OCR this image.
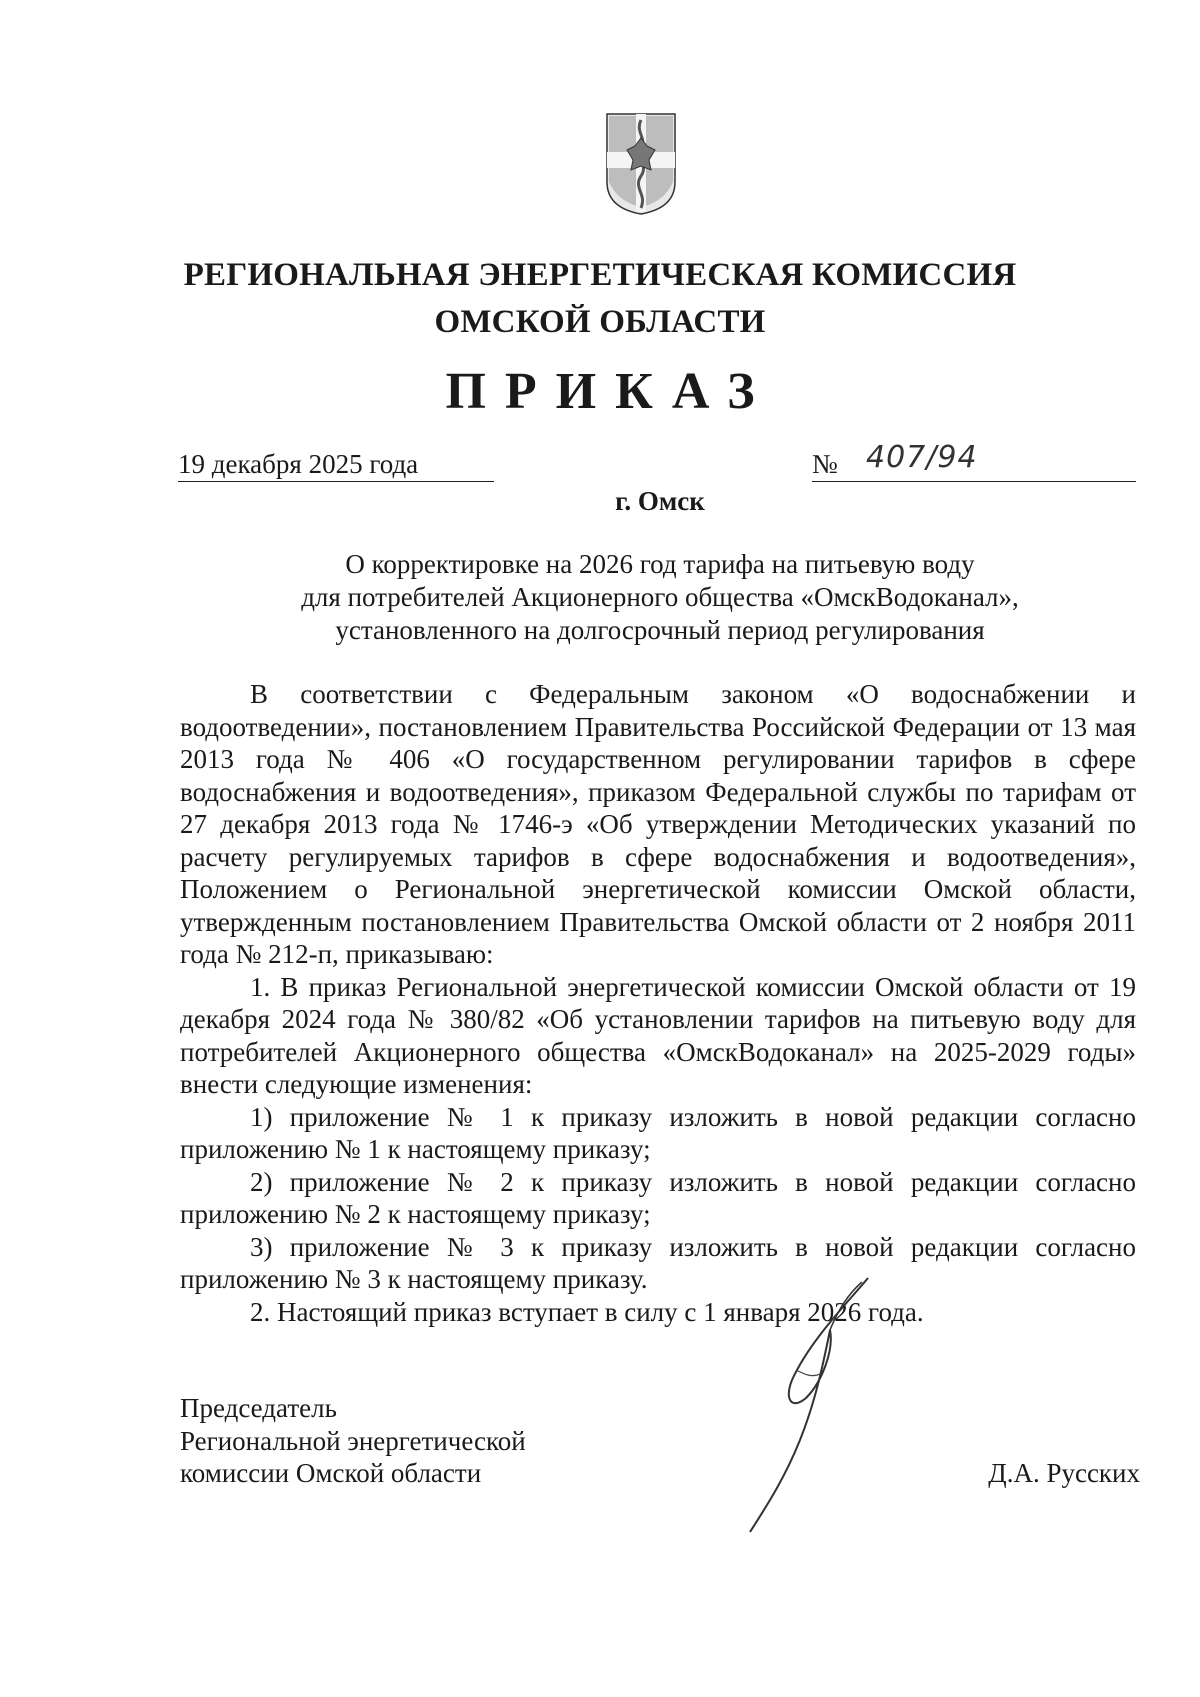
РЕГИОНАЛЬНАЯ ЭНЕРГЕТИЧЕСКАЯ КОМИССИЯ
ОМСКОЙ ОБЛАСТИ
ПРИКАЗ
19 декабря 2025 года	№ 407/94
г. Омск
О корректировке на 2026 год тарифа на питьевую воду
для потребителей Акционерного общества «ОмскВодоканал»,
установленного на долгосрочный период регулирования

В соответствии с Федеральным законом «О водоснабжении и водоотведении», постановлением Правительства Российской Федерации от 13 мая 2013 года № 406 «О государственном регулировании тарифов в сфере водоснабжения и водоотведения», приказом Федеральной службы по тарифам от 27 декабря 2013 года № 1746-э «Об утверждении Методических указаний по расчету регулируемых тарифов в сфере водоснабжения и водоотведения», Положением о Региональной энергетической комиссии Омской области, утвержденным постановлением Правительства Омской области от 2 ноября 2011 года № 212-п, приказываю:

1. В приказ Региональной энергетической комиссии Омской области от 19 декабря 2024 года № 380/82 «Об установлении тарифов на питьевую воду для потребителей Акционерного общества «ОмскВодоканал» на 2025-2029 годы» внести следующие изменения:

1) приложение № 1 к приказу изложить в новой редакции согласно приложению № 1 к настоящему приказу;

2) приложение № 2 к приказу изложить в новой редакции согласно приложению № 2 к настоящему приказу;

3) приложение № 3 к приказу изложить в новой редакции согласно приложению № 3 к настоящему приказу.

2. Настоящий приказ вступает в силу с 1 января 2026 года.

Председатель
Региональной энергетической
комиссии Омской области	Д.А. Русских
